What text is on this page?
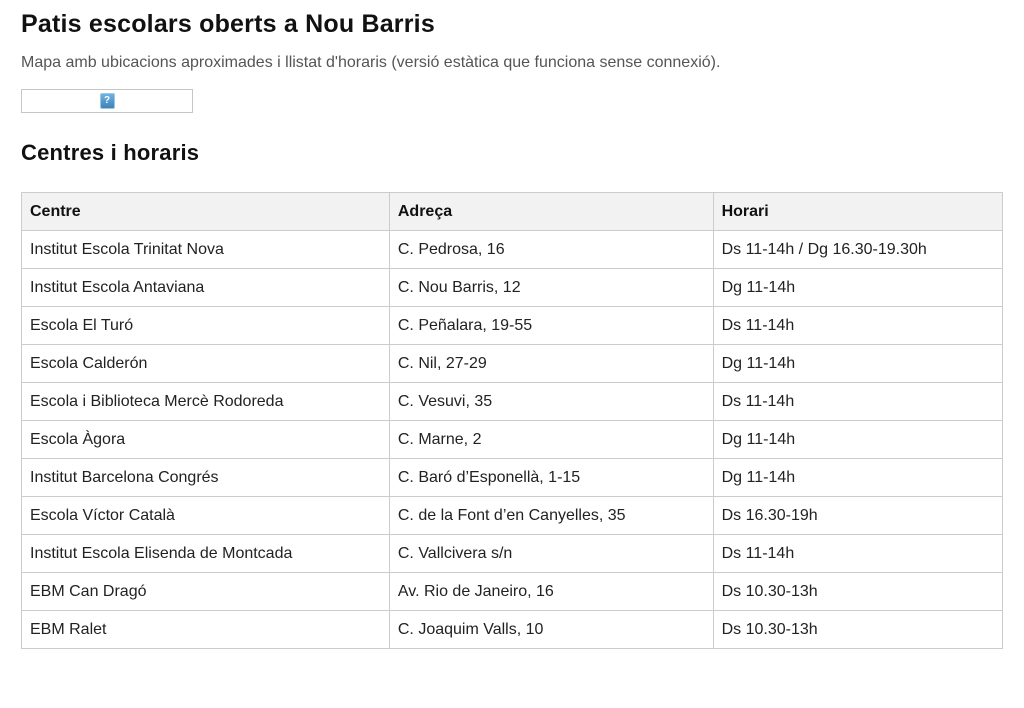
Patis escolars oberts a Nou Barris

Mapa amb ubicacions aproximades i llistat d'horaris (versió estàtica que funciona sense connexió).

?
Centres i horaris
Centre	Adreça	Horari
Institut Escola Trinitat Nova	C. Pedrosa, 16	Ds 11-14h / Dg 16.30-19.30h
Institut Escola Antaviana	C. Nou Barris, 12	Dg 11-14h
Escola El Turó	C. Peñalara, 19-55	Ds 11-14h
Escola Calderón	C. Nil, 27-29	Dg 11-14h
Escola i Biblioteca Mercè Rodoreda	C. Vesuvi, 35	Ds 11-14h
Escola Àgora	C. Marne, 2	Dg 11-14h
Institut Barcelona Congrés	C. Baró d’Esponellà, 1-15	Dg 11-14h
Escola Víctor Català	C. de la Font d’en Canyelles, 35	Ds 16.30-19h
Institut Escola Elisenda de Montcada	C. Vallcivera s/n	Ds 11-14h
EBM Can Dragó	Av. Rio de Janeiro, 16	Ds 10.30-13h
EBM Ralet	C. Joaquim Valls, 10	Ds 10.30-13h
